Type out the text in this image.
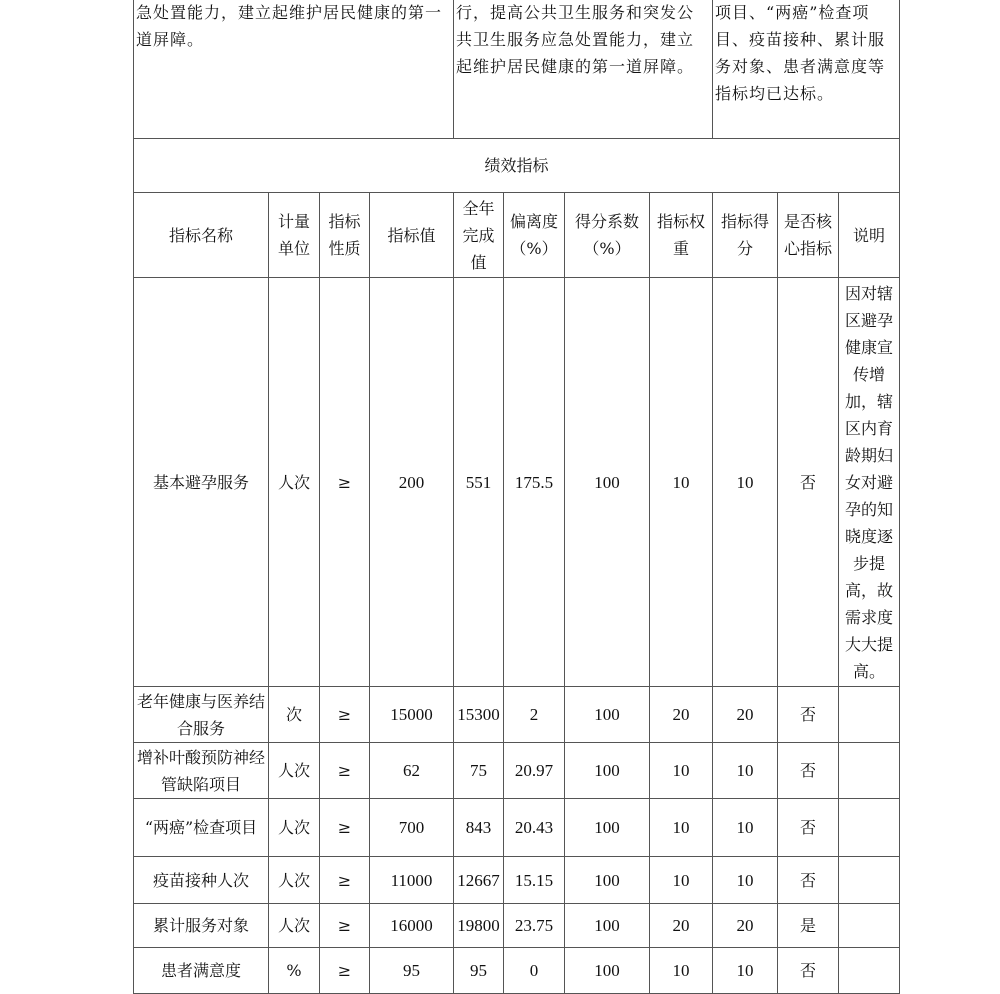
急处置能力，建立起维护居民健康的第一道屏障。				行，提高公共卫生服务和突发公共卫生服务应急处置能力，建立起维护居民健康的第一道屏障。				项目、“两癌”检查项目、疫苗接种、累计服务对象、患者满意度等指标均已达标。		
绩效指标										
指标名称	计量单位	指标性质	指标值	全年完成值	偏离度（%）	得分系数（%）	指标权重	指标得分	是否核心指标	说明
基本避孕服务	人次	≥	200	551	175.5	100	10	10	否	因对辖区避孕健康宣传增加，辖区内育龄期妇女对避孕的知晓度逐步提高，故需求度大大提高。
老年健康与医养结合服务	次	≥	15000	15300	2	100	20	20	否	
增补叶酸预防神经管缺陷项目	人次	≥	62	75	20.97	100	10	10	否	
“两癌”检查项目	人次	≥	700	843	20.43	100	10	10	否	
疫苗接种人次	人次	≥	11000	12667	15.15	100	10	10	否	
累计服务对象	人次	≥	16000	19800	23.75	100	20	20	是	
患者满意度	%	≥	95	95	0	100	10	10	否	
